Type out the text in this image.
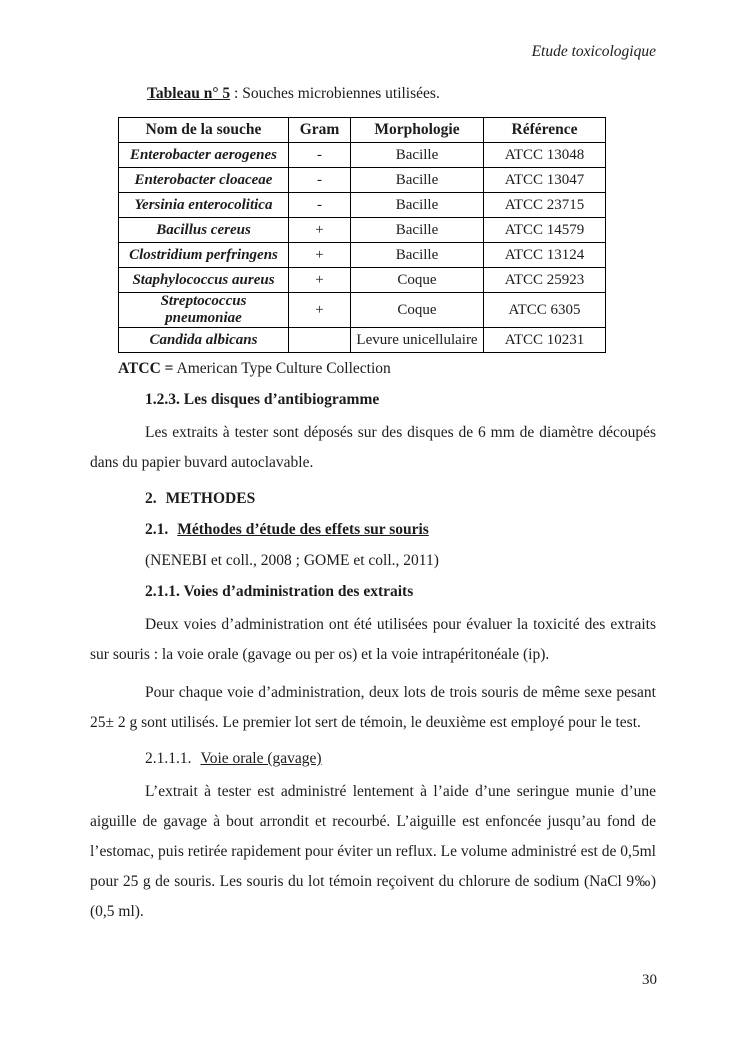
Etude toxicologique

Tableau n° 5 : Souches microbiennes utilisées.

Nom de la souche	Gram	Morphologie	Référence
Enterobacter aerogenes	-	Bacille	ATCC 13048
Enterobacter cloaceae	-	Bacille	ATCC 13047
Yersinia enterocolitica	-	Bacille	ATCC 23715
Bacillus cereus	+	Bacille	ATCC 14579
Clostridium perfringens	+	Bacille	ATCC 13124
Staphylococcus aureus	+	Coque	ATCC 25923
Streptococcus pneumoniae	+	Coque	ATCC 6305
Candida albicans		Levure unicellulaire	ATCC 10231

ATCC = American Type Culture Collection

1.2.3. Les disques d’antibiogramme

Les extraits à tester sont déposés sur des disques de 6 mm de diamètre découpés dans du papier buvard autoclavable.

2. METHODES

2.1. Méthodes d’étude des effets sur souris

(NENEBI et coll., 2008 ; GOME et coll., 2011)

2.1.1. Voies d’administration des extraits

Deux voies d’administration ont été utilisées pour évaluer la toxicité des extraits sur souris : la voie orale (gavage ou per os) et la voie intrapéritonéale (ip).

Pour chaque voie d’administration, deux lots de trois souris de même sexe pesant 25± 2 g sont utilisés. Le premier lot sert de témoin, le deuxième est employé pour le test.

2.1.1.1. Voie orale (gavage)

L’extrait à tester est administré lentement à l’aide d’une seringue munie d’une aiguille de gavage à bout arrondit et recourbé. L’aiguille est enfoncée jusqu’au fond de l’estomac, puis retirée rapidement pour éviter un reflux. Le volume administré est de 0,5ml pour 25 g de souris. Les souris du lot témoin reçoivent du chlorure de sodium (NaCl 9‰) (0,5 ml).

30
